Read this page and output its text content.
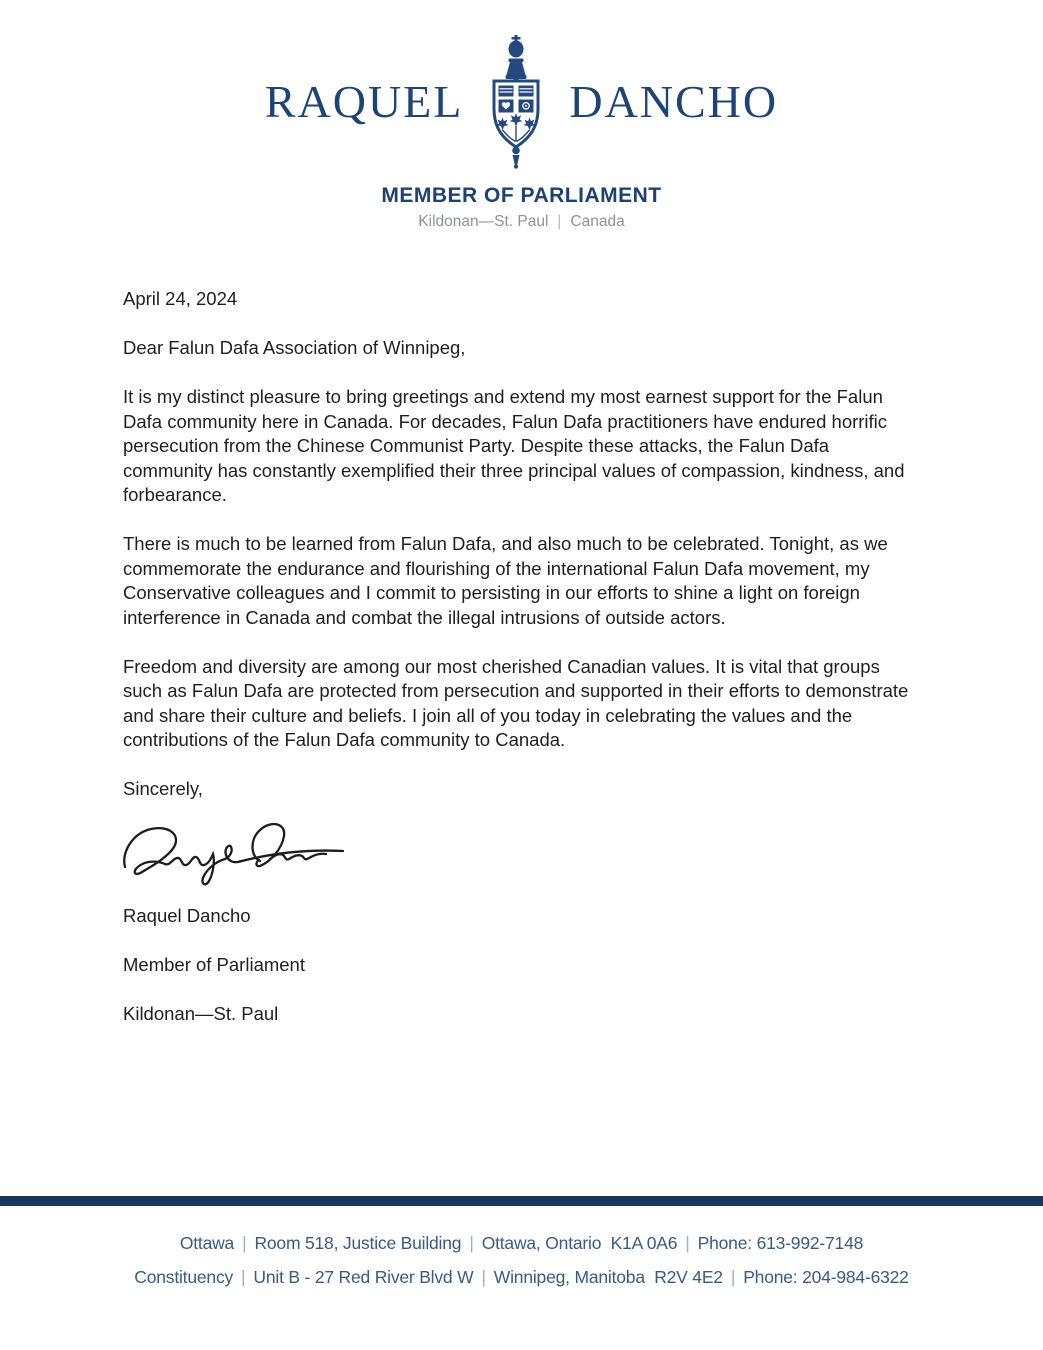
RAQUEL DANCHO
MEMBER OF PARLIAMENT
Kildonan—St. Paul | Canada

April 24, 2024

Dear Falun Dafa Association of Winnipeg,

It is my distinct pleasure to bring greetings and extend my most earnest support for the Falun Dafa community here in Canada. For decades, Falun Dafa practitioners have endured horrific persecution from the Chinese Communist Party. Despite these attacks, the Falun Dafa community has constantly exemplified their three principal values of compassion, kindness, and forbearance.

There is much to be learned from Falun Dafa, and also much to be celebrated. Tonight, as we commemorate the endurance and flourishing of the international Falun Dafa movement, my Conservative colleagues and I commit to persisting in our efforts to shine a light on foreign interference in Canada and combat the illegal intrusions of outside actors.

Freedom and diversity are among our most cherished Canadian values. It is vital that groups such as Falun Dafa are protected from persecution and supported in their efforts to demonstrate and share their culture and beliefs. I join all of you today in celebrating the values and the contributions of the Falun Dafa community to Canada.

Sincerely,

Raquel Dancho

Member of Parliament

Kildonan—St. Paul

Ottawa | Room 518, Justice Building | Ottawa, Ontario  K1A 0A6 | Phone: 613-992-7148
Constituency | Unit B - 27 Red River Blvd W | Winnipeg, Manitoba  R2V 4E2 | Phone: 204-984-6322
